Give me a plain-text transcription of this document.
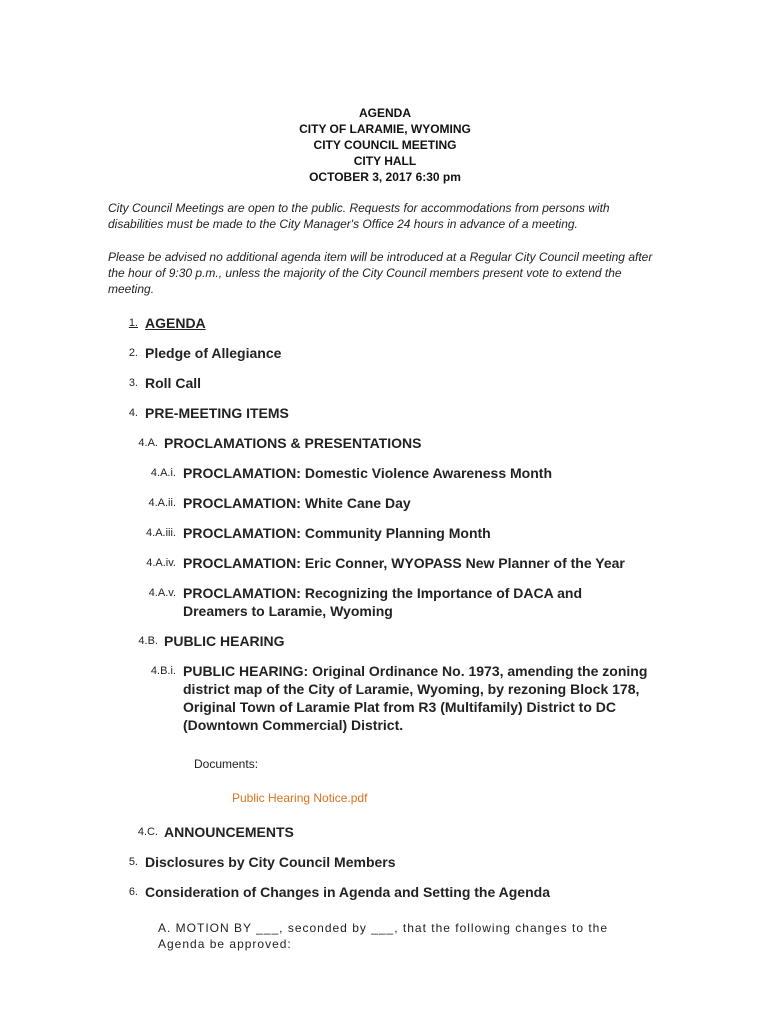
AGENDA
CITY OF LARAMIE, WYOMING
CITY COUNCIL MEETING
CITY HALL
OCTOBER 3, 2017 6:30 pm
City Council Meetings are open to the public. Requests for accommodations from persons with disabilities must be made to the City Manager's Office 24 hours in advance of a meeting.
Please be advised no additional agenda item will be introduced at a Regular City Council meeting after the hour of 9:30 p.m., unless the majority of the City Council members present vote to extend the meeting.
1. AGENDA
2. Pledge of Allegiance
3. Roll Call
4. PRE-MEETING ITEMS
4.A. PROCLAMATIONS & PRESENTATIONS
4.A.i. PROCLAMATION: Domestic Violence Awareness Month
4.A.ii. PROCLAMATION: White Cane Day
4.A.iii. PROCLAMATION: Community Planning Month
4.A.iv. PROCLAMATION: Eric Conner, WYOPASS New Planner of the Year
4.A.v. PROCLAMATION: Recognizing the Importance of DACA and
Dreamers to Laramie, Wyoming
4.B. PUBLIC HEARING
4.B.i. PUBLIC HEARING: Original Ordinance No. 1973, amending the zoning
district map of the City of Laramie, Wyoming, by rezoning Block 178,
Original Town of Laramie Plat from R3 (Multifamily) District to DC
(Downtown Commercial) District.
Documents:
Public Hearing Notice.pdf
4.C. ANNOUNCEMENTS
5. Disclosures by City Council Members
6. Consideration of Changes in Agenda and Setting the Agenda
A. MOTION BY ___, seconded by ___, that the following changes to the
Agenda be approved:
